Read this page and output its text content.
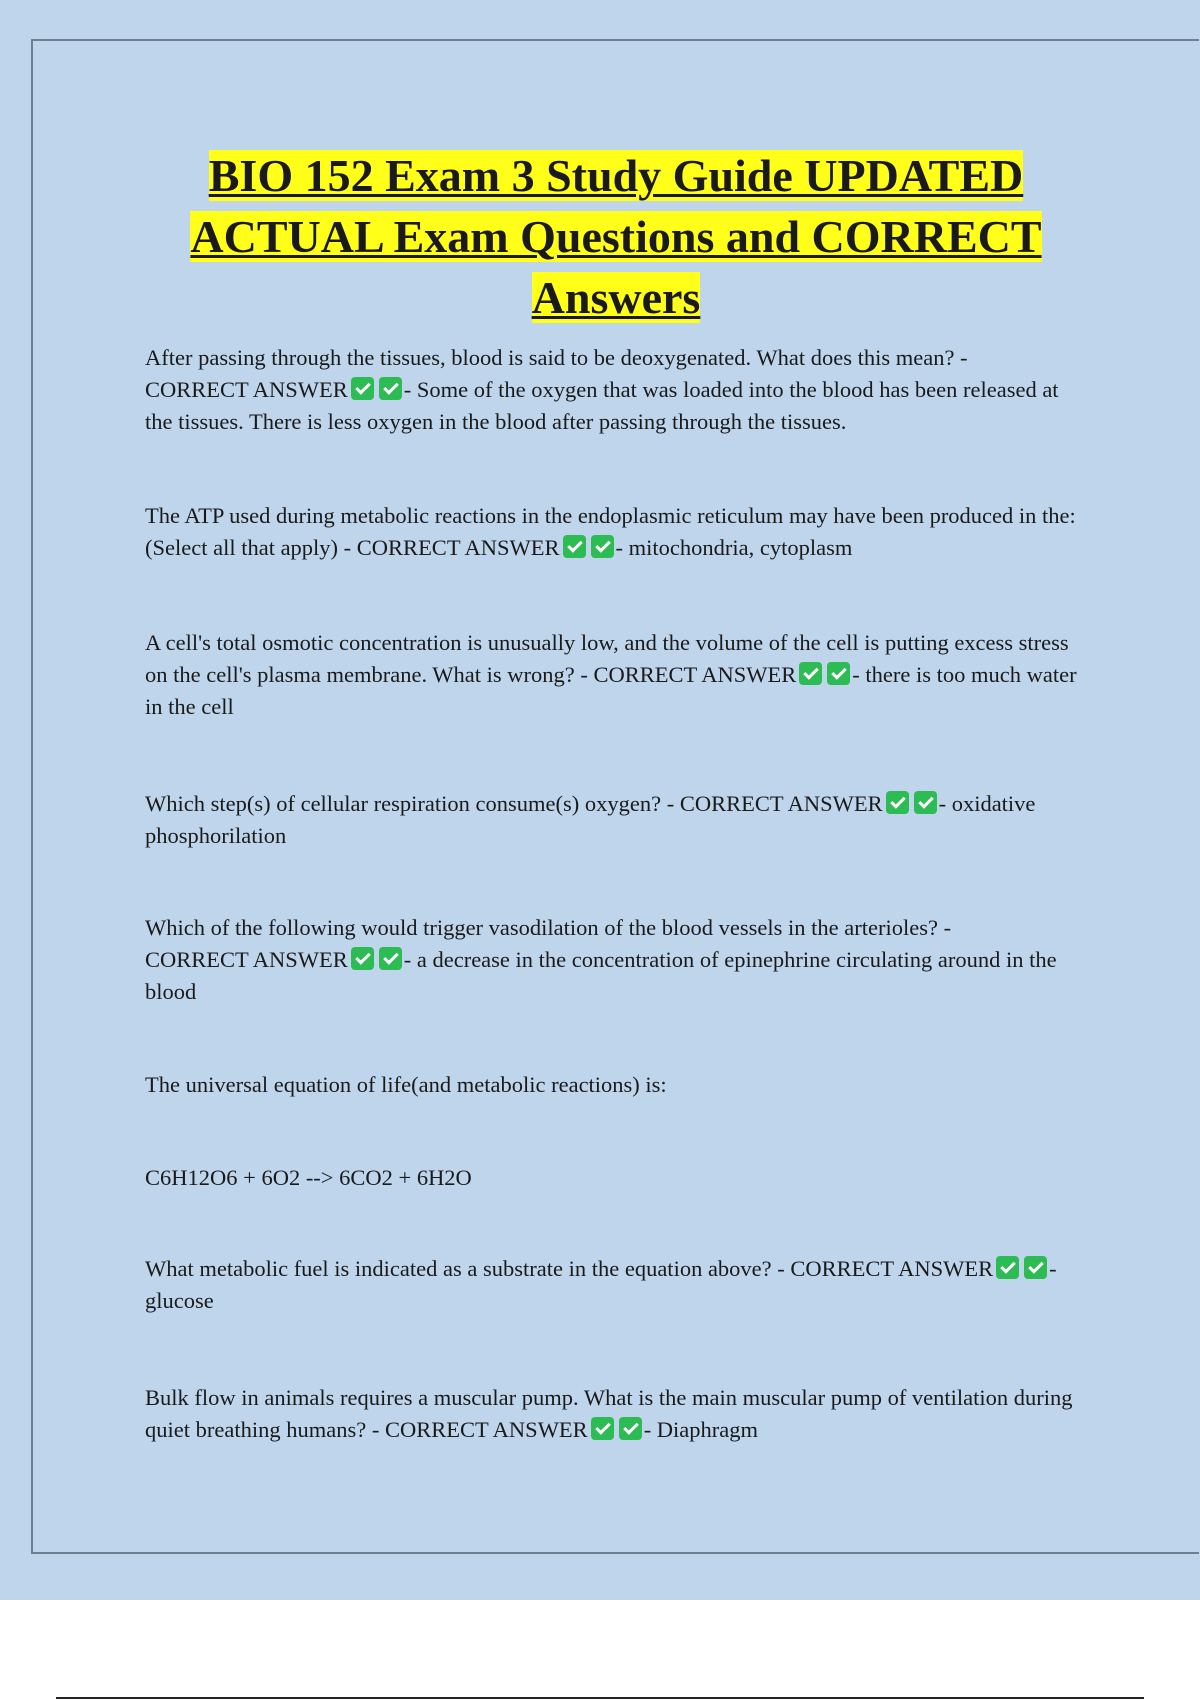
BIO 152 Exam 3 Study Guide UPDATED ACTUAL Exam Questions and CORRECT Answers

After passing through the tissues, blood is said to be deoxygenated. What does this mean? - CORRECT ANSWER - Some of the oxygen that was loaded into the blood has been released at the tissues. There is less oxygen in the blood after passing through the tissues.

The ATP used during metabolic reactions in the endoplasmic reticulum may have been produced in the: (Select all that apply) - CORRECT ANSWER - mitochondria, cytoplasm

A cell's total osmotic concentration is unusually low, and the volume of the cell is putting excess stress on the cell's plasma membrane. What is wrong? - CORRECT ANSWER - there is too much water in the cell

Which step(s) of cellular respiration consume(s) oxygen? - CORRECT ANSWER - oxidative phosphorilation

Which of the following would trigger vasodilation of the blood vessels in the arterioles? - CORRECT ANSWER - a decrease in the concentration of epinephrine circulating around in the blood

The universal equation of life(and metabolic reactions) is:

C6H12O6 + 6O2 --> 6CO2 + 6H2O

What metabolic fuel is indicated as a substrate in the equation above? - CORRECT ANSWER - glucose

Bulk flow in animals requires a muscular pump. What is the main muscular pump of ventilation during quiet breathing humans? - CORRECT ANSWER - Diaphragm
